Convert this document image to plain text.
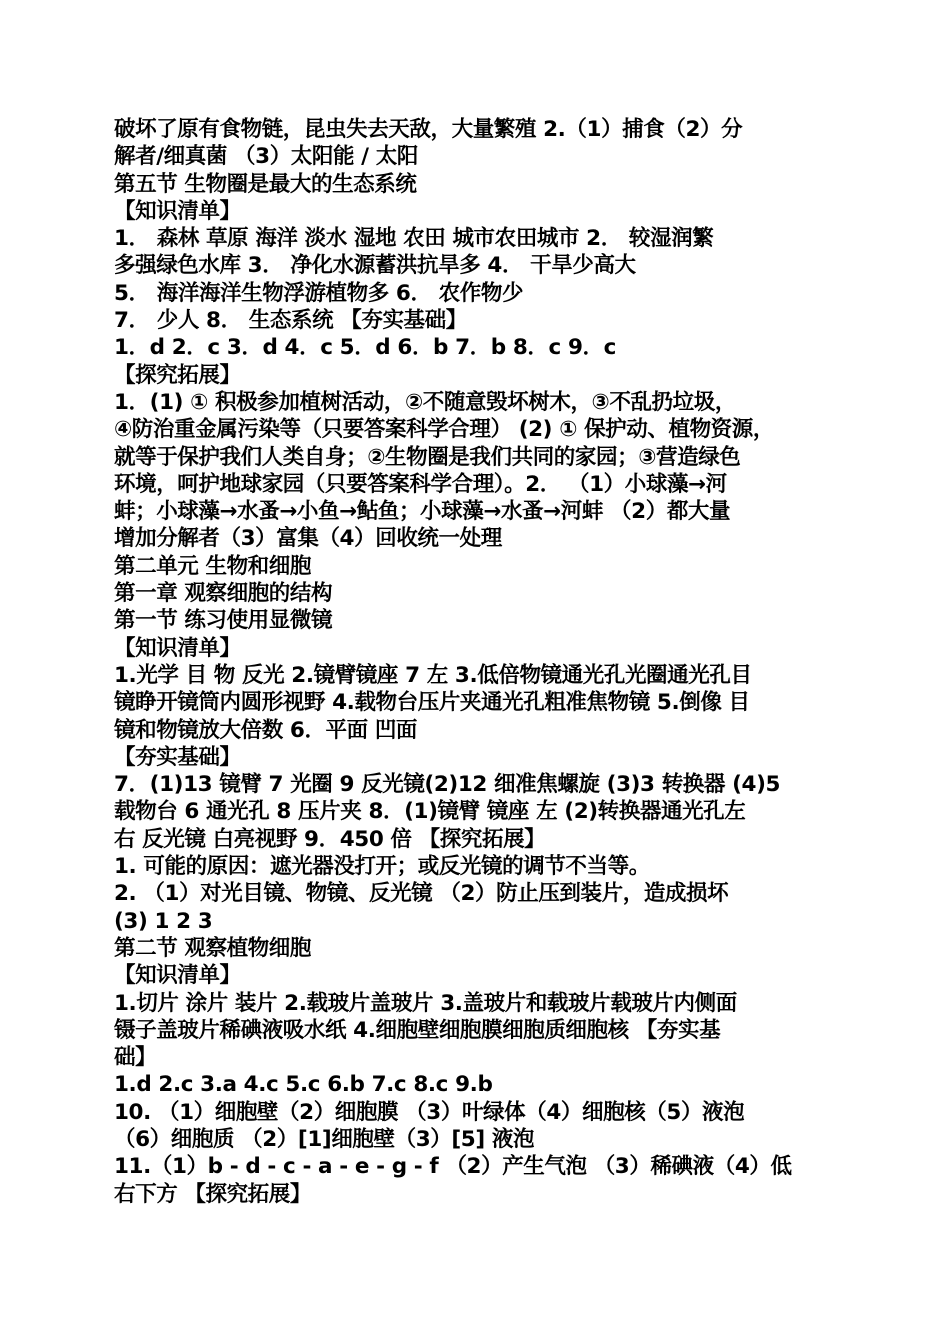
破坏了原有食物链，昆虫失去天敌，大量繁殖 2.（1）捕食（2）分
解者/细真菌 （3）太阳能 / 太阳
第五节 生物圈是最大的生态系统
【知识清单】
1． 森林 草原 海洋 淡水 湿地 农田 城市农田城市 2． 较湿润繁
多强绿色水库 3． 净化水源蓄洪抗旱多 4． 干旱少高大
5． 海洋海洋生物浮游植物多 6． 农作物少
7． 少人 8． 生态系统 【夯实基础】
1．d 2．c 3．d 4．c 5．d 6．b 7．b 8．c 9．c
【探究拓展】
1．(1) ① 积极参加植树活动，②不随意毁坏树木，③不乱扔垃圾，
④防治重金属污染等（只要答案科学合理） (2) ① 保护动、植物资源，
就等于保护我们人类自身；②生物圈是我们共同的家园；③营造绿色
环境，呵护地球家园（只要答案科学合理）。2． （1）小球藻→河
蚌；小球藻→水蚤→小鱼→鲇鱼；小球藻→水蚤→河蚌 （2）都大量
增加分解者（3）富集（4）回收统一处理
第二单元 生物和细胞
第一章 观察细胞的结构
第一节 练习使用显微镜
【知识清单】
1.光学 目 物 反光 2.镜臂镜座 7 左 3.低倍物镜通光孔光圈通光孔目
镜睁开镜筒内圆形视野 4.载物台压片夹通光孔粗准焦物镜 5.倒像 目
镜和物镜放大倍数 6．平面 凹面
【夯实基础】
7．(1)13 镜臂 7 光圈 9 反光镜(2)12 细准焦螺旋 (3)3 转换器 (4)5
载物台 6 通光孔 8 压片夹 8．(1)镜臂 镜座 左 (2)转换器通光孔左
右 反光镜 白亮视野 9．450 倍 【探究拓展】
1. 可能的原因：遮光器没打开；或反光镜的调节不当等。
2. （1）对光目镜、物镜、反光镜 （2）防止压到装片，造成损坏
(3) 1 2 3
第二节 观察植物细胞
【知识清单】
1.切片 涂片 装片 2.载玻片盖玻片 3.盖玻片和载玻片载玻片内侧面
镊子盖玻片稀碘液吸水纸 4.细胞壁细胞膜细胞质细胞核 【夯实基
础】
1.d 2.c 3.a 4.c 5.c 6.b 7.c 8.c 9.b
10. （1）细胞壁（2）细胞膜 （3）叶绿体（4）细胞核（5）液泡
（6）细胞质 （2）[1]细胞壁（3）[5] 液泡
11.（1）b - d - c - a - e - g - f （2）产生气泡 （3）稀碘液（4）低
右下方 【探究拓展】
